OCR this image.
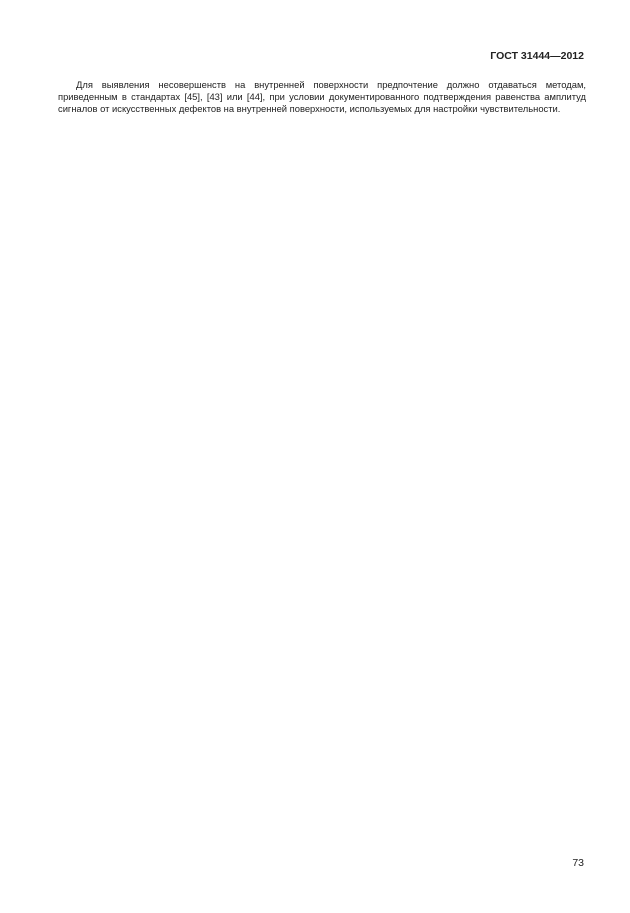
ГОСТ 31444—2012

Для выявления несовершенств на внутренней поверхности предпочтение должно отдаваться методам, приведенным в стандартах [45], [43] или [44], при условии документированного подтверждения равенства амплитуд сигналов от искусственных дефектов на внутренней поверхности, используемых для настройки чувствительности.

73
